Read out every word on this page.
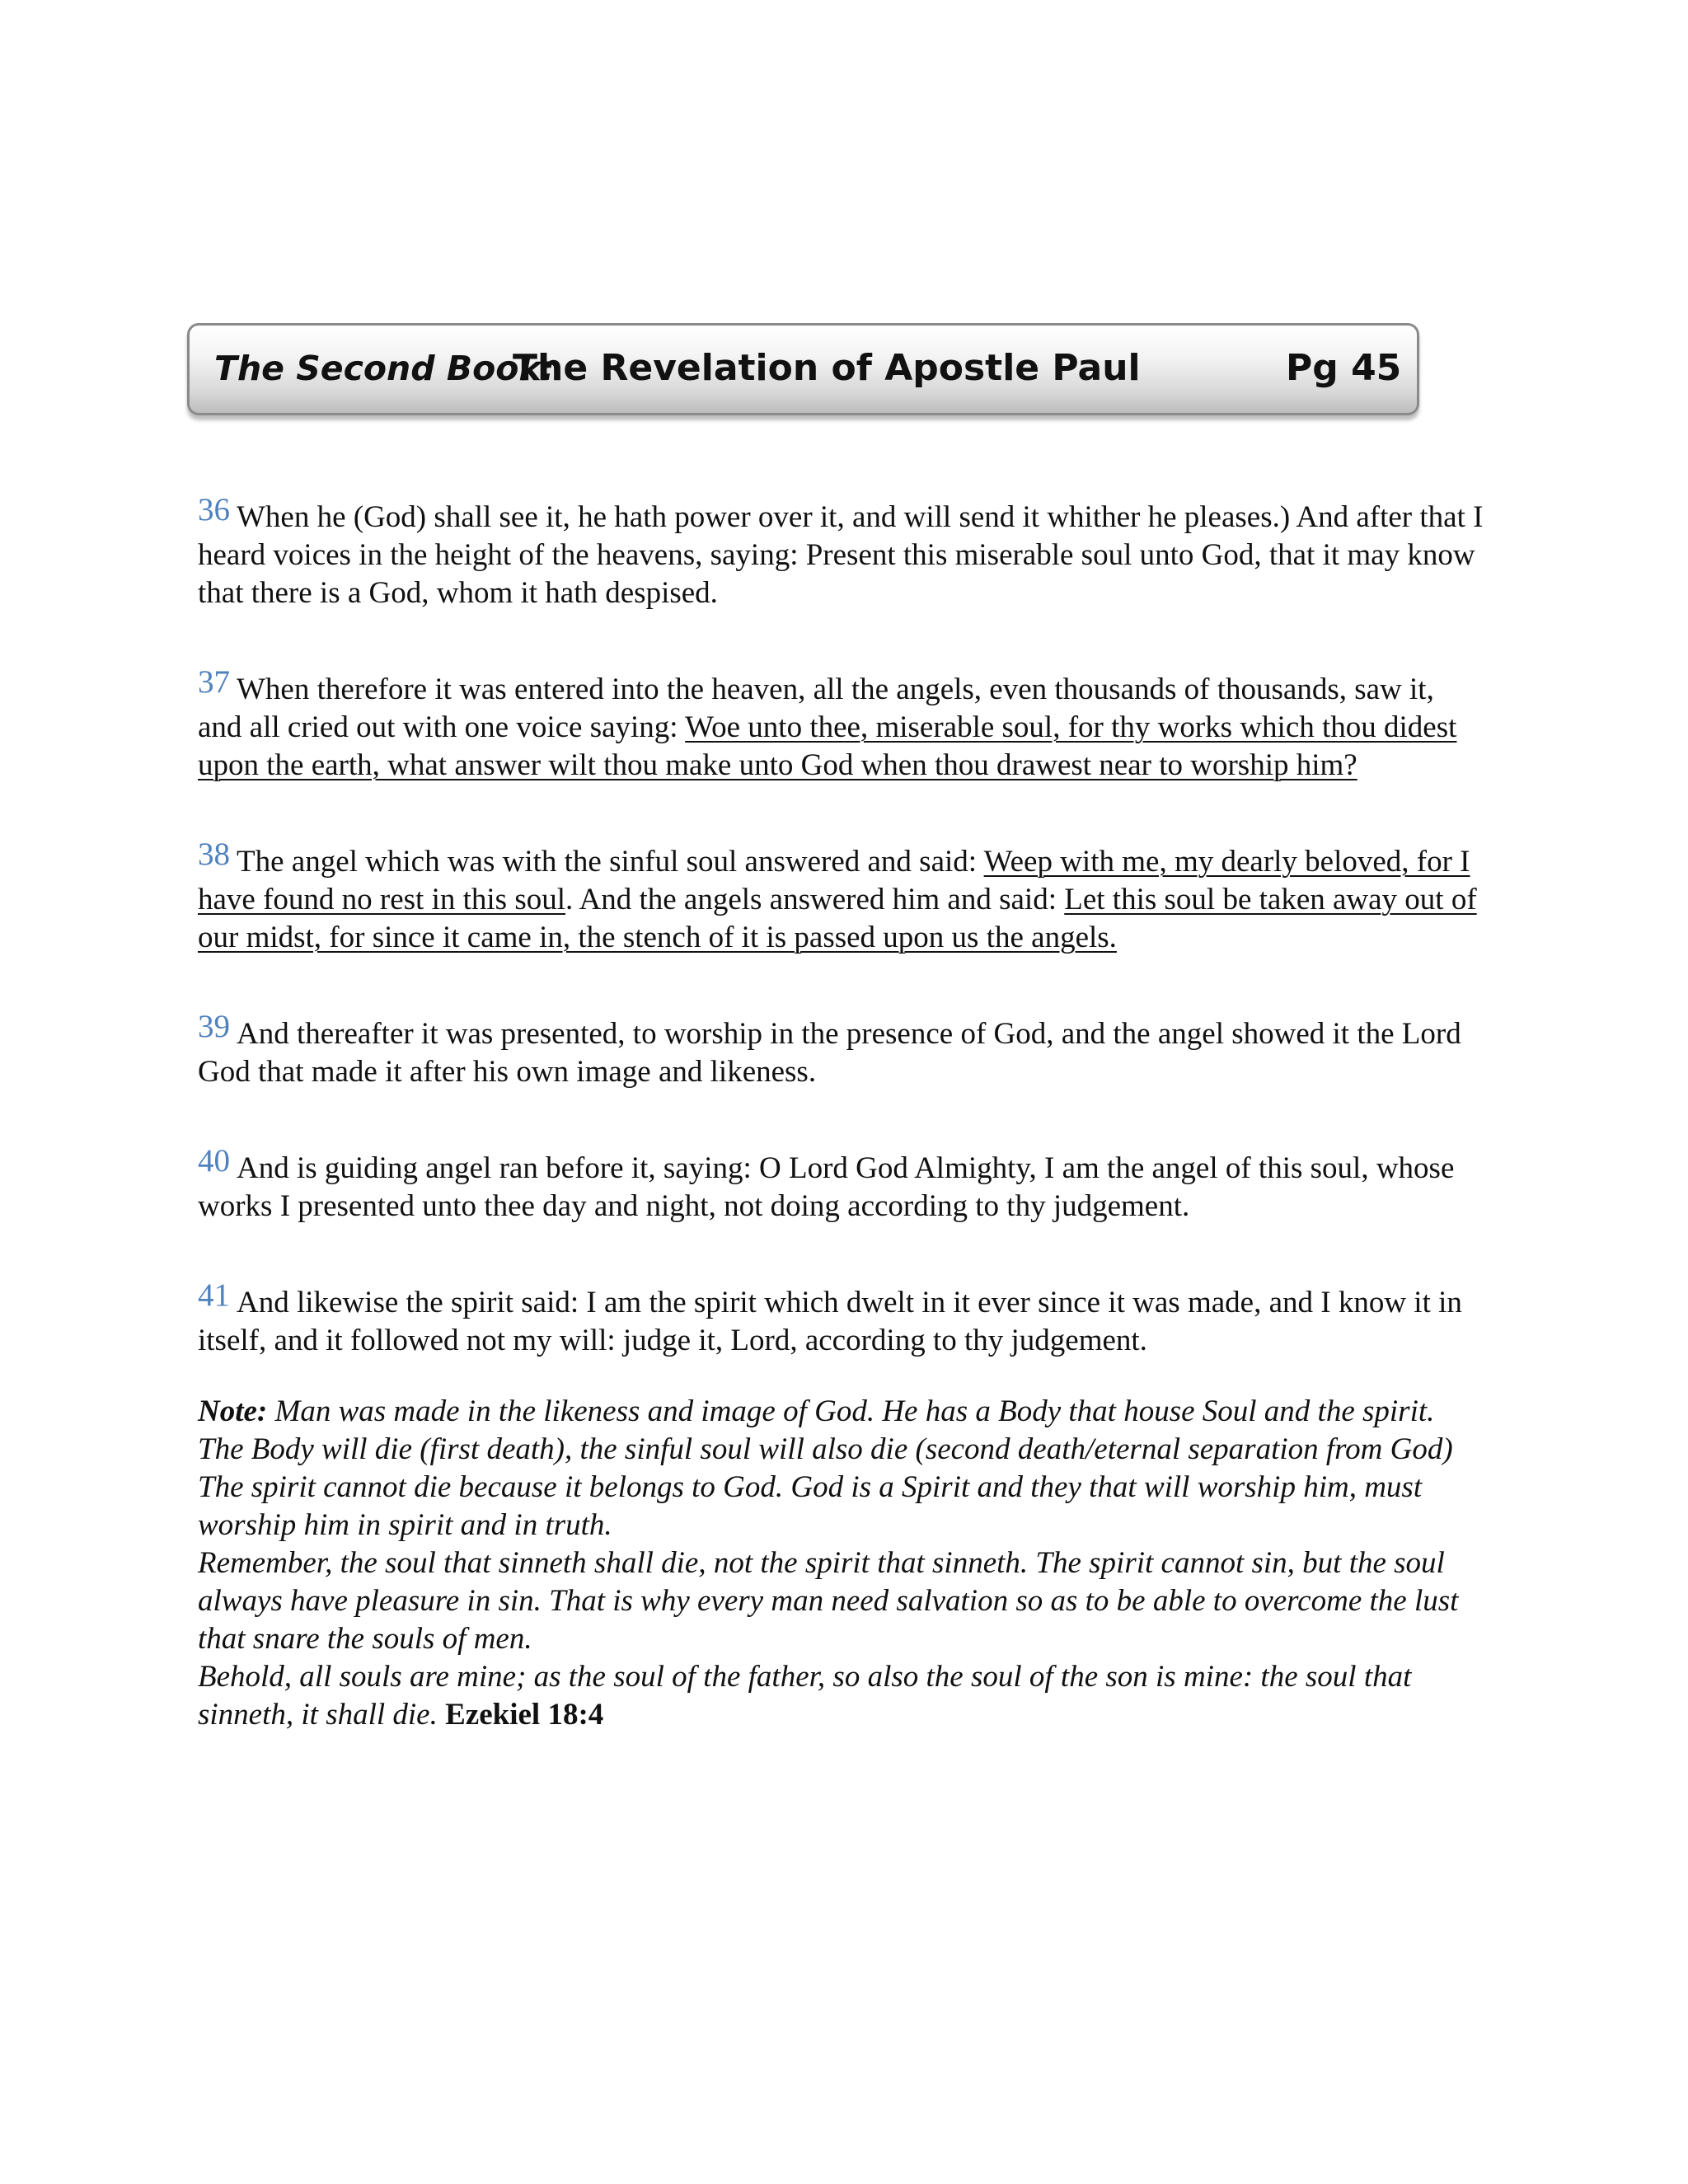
The Second Book:
The Revelation of Apostle Paul	Pg 45

36 When he (God) shall see it, he hath power over it, and will send it whither he pleases.) And after that I heard voices in the height of the heavens, saying: Present this miserable soul unto God, that it may know that there is a God, whom it hath despised.

37 When therefore it was entered into the heaven, all the angels, even thousands of thousands, saw it, and all cried out with one voice saying: Woe unto thee, miserable soul, for thy works which thou didest upon the earth, what answer wilt thou make unto God when thou drawest near to worship him?

38 The angel which was with the sinful soul answered and said: Weep with me, my dearly beloved, for I have found no rest in this soul. And the angels answered him and said: Let this soul be taken away out of our midst, for since it came in, the stench of it is passed upon us the angels.

39 And thereafter it was presented, to worship in the presence of God, and the angel showed it the Lord God that made it after his own image and likeness.

40 And is guiding angel ran before it, saying: O Lord God Almighty, I am the angel of this soul, whose works I presented unto thee day and night, not doing according to thy judgement.

41 And likewise the spirit said: I am the spirit which dwelt in it ever since it was made, and I know it in itself, and it followed not my will: judge it, Lord, according to thy judgement.

Note: Man was made in the likeness and image of God. He has a Body that house Soul and the spirit. The Body will die (first death), the sinful soul will also die (second death/eternal separation from God)

The spirit cannot die because it belongs to God. God is a Spirit and they that will worship him, must worship him in spirit and in truth.

Remember, the soul that sinneth shall die, not the spirit that sinneth. The spirit cannot sin, but the soul always have pleasure in sin. That is why every man need salvation so as to be able to overcome the lust that snare the souls of men.

Behold, all souls are mine; as the soul of the father, so also the soul of the son is mine: the soul that sinneth, it shall die. Ezekiel 18:4
